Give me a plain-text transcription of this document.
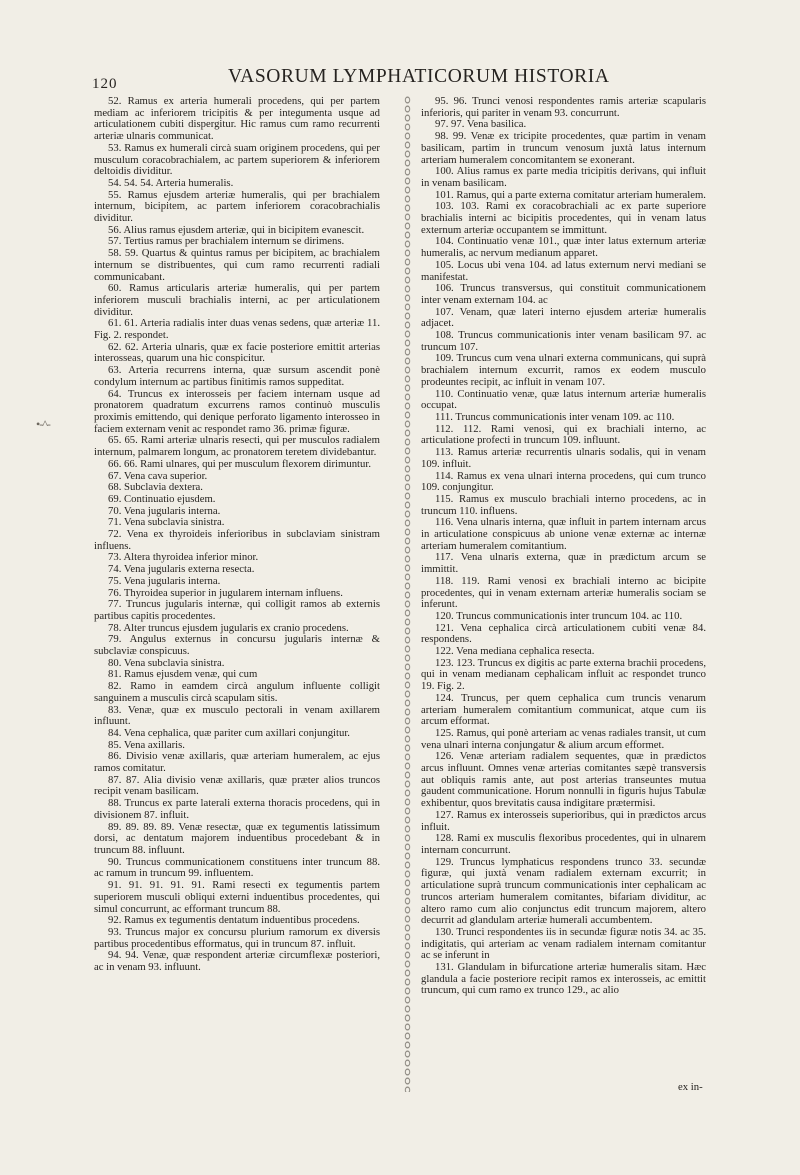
120	VASORUM LYMPHATICORUM HISTORIA

52. Ramus ex arteria humerali procedens, qui per partem mediam ac inferiorem tricipitis & per integumenta usque ad articulationem cubiti dispergitur. Hic ramus cum ramo recurrenti arteriæ ulnaris communicat.

53. Ramus ex humerali circà suam originem procedens, qui per musculum coracobrachialem, ac partem superiorem & inferiorem deltoidis dividitur.

54. 54. 54. Arteria humeralis.

55. Ramus ejusdem arteriæ humeralis, qui per brachialem internum, bicipitem, ac partem inferiorem coracobrachialis dividitur.

56. Alius ramus ejusdem arteriæ, qui in bicipitem evanescit.

57. Tertius ramus per brachialem internum se dirimens.

58. 59. Quartus & quintus ramus per bicipitem, ac brachialem internum se distribuentes, qui cum ramo recurrenti radiali communicabant.

60. Ramus articularis arteriæ humeralis, qui per partem inferiorem musculi brachialis interni, ac per articulationem dividitur.

61. 61. Arteria radialis inter duas venas sedens, quæ arteriæ 11. Fig. 2. respondet.

62. 62. Arteria ulnaris, quæ ex facie posteriore emittit arterias interosseas, quarum una hic conspicitur.

63. Arteria recurrens interna, quæ sursum ascendit ponè condylum internum ac partibus finitimis ramos suppeditat.

64. Truncus ex interosseis per faciem internam usque ad pronatorem quadratum excurrens ramos continuò musculis proximis emittendo, qui denique perforato ligamento interosseo in faciem externam venit ac respondet ramo 36. primæ figuræ.

65. 65. Rami arteriæ ulnaris resecti, qui per musculos radialem internum, palmarem longum, ac pronatorem teretem dividebantur.

66. 66. Rami ulnares, qui per musculum flexorem dirimuntur.

67. Vena cava superior.

68. Subclavia dextera.

69. Continuatio ejusdem.

70. Vena jugularis interna.

71. Vena subclavia sinistra.

72. Vena ex thyroideis inferioribus in subclaviam sinistram influens.

73. Altera thyroidea inferior minor.

74. Vena jugularis externa resecta.

75. Vena jugularis interna.

76. Thyroidea superior in jugularem internam influens.

77. Truncus jugularis internæ, qui colligit ramos ab externis partibus capitis procedentes.

78. Alter truncus ejusdem jugularis ex cranio procedens.

79. Angulus externus in concursu jugularis internæ & subclaviæ conspicuus.

80. Vena subclavia sinistra.

81. Ramus ejusdem venæ, qui cum

82. Ramo in eamdem circà angulum influente colligit sanguinem a musculis circà scapulam sitis.

83. Venæ, quæ ex musculo pectorali in venam axillarem influunt.

84. Vena cephalica, quæ pariter cum axillari conjungitur.

85. Vena axillaris.

86. Divisio venæ axillaris, quæ arteriam humeralem, ac ejus ramos comitatur.

87. 87. Alia divisio venæ axillaris, quæ præter alios truncos recipit venam basilicam.

88. Truncus ex parte laterali externa thoracis procedens, qui in divisionem 87. influit.

89. 89. 89. 89. Venæ resectæ, quæ ex tegumentis latissimum dorsi, ac dentatum majorem induentibus procedebant & in truncum 88. influunt.

90. Truncus communicationem constituens inter truncum 88. ac ramum in truncum 99. influentem.

91. 91. 91. 91. 91. Rami resecti ex tegumentis partem superiorem musculi obliqui externi induentibus procedentes, qui simul concurrunt, ac efformant truncum 88.

92. Ramus ex tegumentis dentatum induentibus procedens.

93. Truncus major ex concursu plurium ramorum ex diversis partibus procedentibus efformatus, qui in truncum 87. influit.

94. 94. Venæ, quæ respondent arteriæ circumflexæ posteriori, ac in venam 93. influunt.

95. 96. Trunci venosi respondentes ramis arteriæ scapularis inferioris, qui pariter in venam 93. concurrunt.

97. 97. Vena basilica.

98. 99. Venæ ex tricipite procedentes, quæ partim in venam basilicam, partim in truncum venosum juxtà latus internum arteriam humeralem concomitantem se exonerant.

100. Alius ramus ex parte media tricipitis derivans, qui influit in venam basilicam.

101. Ramus, qui a parte externa comitatur arteriam humeralem.

103. 103. Rami ex coracobrachiali ac ex parte superiore brachialis interni ac bicipitis procedentes, qui in venam latus externum arteriæ occupantem se immittunt.

104. Continuatio venæ 101., quæ inter latus externum arteriæ humeralis, ac nervum medianum apparet.

105. Locus ubi vena 104. ad latus externum nervi mediani se manifestat.

106. Truncus transversus, qui constituit communicationem inter venam externam 104. ac

107. Venam, quæ lateri interno ejusdem arteriæ humeralis adjacet.

108. Truncus communicationis inter venam basilicam 97. ac truncum 107.

109. Truncus cum vena ulnari externa communicans, qui suprà brachialem internum excurrit, ramos ex eodem musculo prodeuntes recipit, ac influit in venam 107.

110. Continuatio venæ, quæ latus internum arteriæ humeralis occupat.

111. Truncus communicationis inter venam 109. ac 110.

112. 112. Rami venosi, qui ex brachiali interno, ac articulatione profecti in truncum 109. influunt.

113. Ramus arteriæ recurrentis ulnaris sodalis, qui in venam 109. influit.

114. Ramus ex vena ulnari interna procedens, qui cum trunco 109. conjungitur.

115. Ramus ex musculo brachiali interno procedens, ac in truncum 110. influens.

116. Vena ulnaris interna, quæ influit in partem internam arcus in articulatione conspicuus ab unione venæ externæ ac internæ arteriam humeralem comitantium.

117. Vena ulnaris externa, quæ in prædictum arcum se immittit.

118. 119. Rami venosi ex brachiali interno ac bicipite procedentes, qui in venam externam arteriæ humeralis sociam se inferunt.

120. Truncus communicationis inter truncum 104. ac 110.

121. Vena cephalica circà articulationem cubiti venæ 84. respondens.

122. Vena mediana cephalica resecta.

123. 123. Truncus ex digitis ac parte externa brachii procedens, qui in venam medianam cephalicam influit ac respondet trunco 19. Fig. 2.

124. Truncus, per quem cephalica cum truncis venarum arteriam humeralem comitantium communicat, atque cum iis arcum efformat.

125. Ramus, qui ponè arteriam ac venas radiales transit, ut cum vena ulnari interna conjungatur & alium arcum efformet.

126. Venæ arteriam radialem sequentes, quæ in prædictos arcus influunt. Omnes venæ arterias comitantes sæpè transversis aut obliquis ramis ante, aut post arterias transeuntes mutua gaudent communicatione. Horum nonnulli in figuris hujus Tabulæ exhibentur, quos brevitatis causa indigitare prætermisi.

127. Ramus ex interosseis superioribus, qui in prædictos arcus influit.

128. Rami ex musculis flexoribus procedentes, qui in ulnarem internam concurrunt.

129. Truncus lymphaticus respondens trunco 33. secundæ figuræ, qui juxtà venam radialem externam excurrit; in articulatione suprà truncum communicationis inter cephalicam ac truncos arteriam humeralem comitantes, bifariam dividitur, ac altero ramo cum alio conjunctus edit truncum majorem, altero decurrit ad glandulam arteriæ humerali accumbentem.

130. Trunci respondentes iis in secundæ figuræ notis 34. ac 35. indigitatis, qui arteriam ac venam radialem internam comitantur ac se inferunt in

131. Glandulam in bifurcatione arteriæ humeralis sitam. Hæc glandula a facie posteriore recipit ramos ex interosseis, ac emittit truncum, qui cum ramo ex trunco 129., ac alio

•-^-
ex in-
